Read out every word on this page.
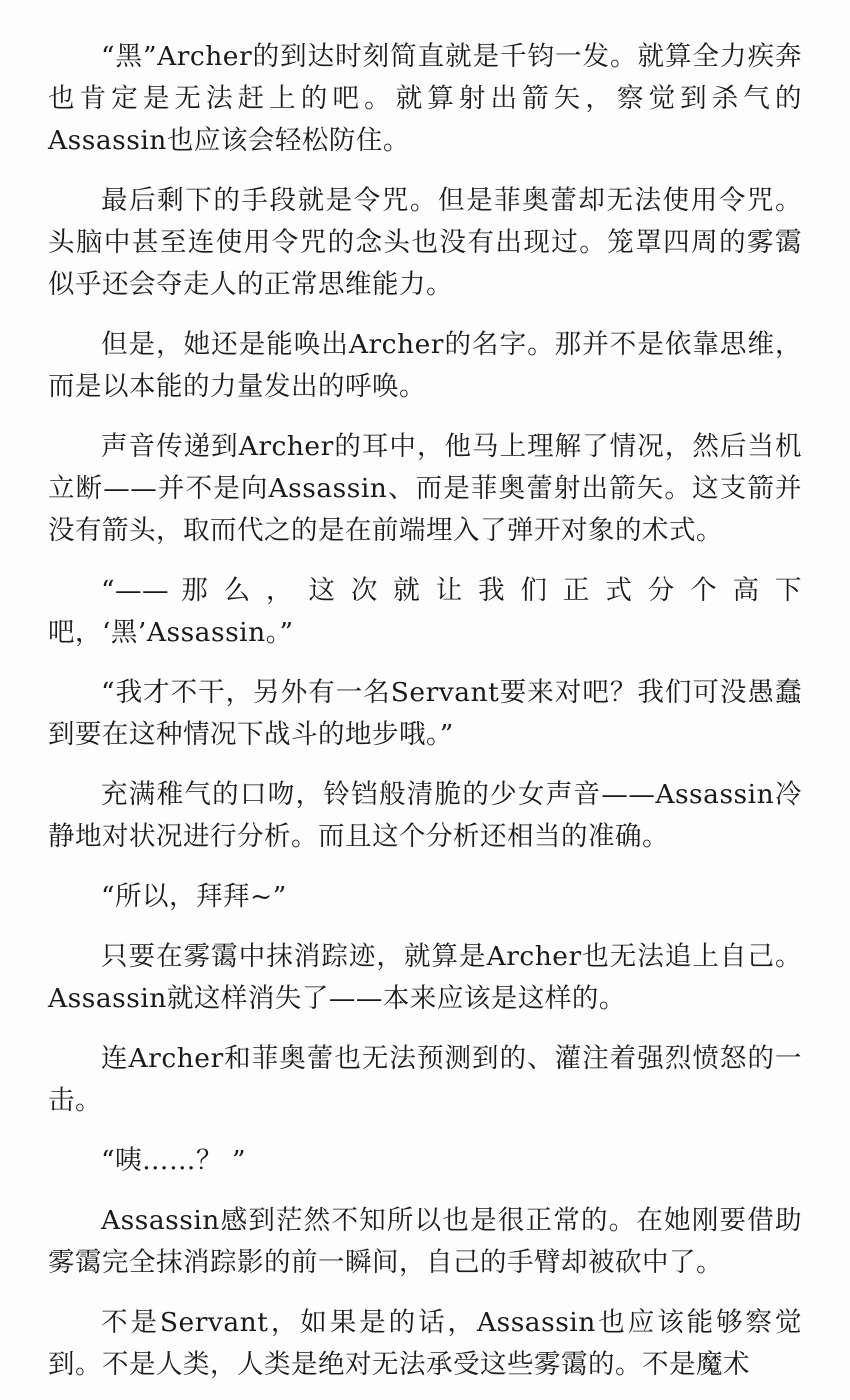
“黑”Archer的到达时刻简直就是千钧一发。就算全力疾奔也肯定是无法赶上的吧。就算射出箭矢，察觉到杀气的Assassin也应该会轻松防住。

最后剩下的手段就是令咒。但是菲奥蕾却无法使用令咒。头脑中甚至连使用令咒的念头也没有出现过。笼罩四周的雾霭似乎还会夺走人的正常思维能力。

但是，她还是能唤出Archer的名字。那并不是依靠思维，而是以本能的力量发出的呼唤。

声音传递到Archer的耳中，他马上理解了情况，然后当机立断——并不是向Assassin、而是菲奥蕾射出箭矢。这支箭并没有箭头，取而代之的是在前端埋入了弹开对象的术式。

“—— 那 么 ， 这 次 就 让 我 们 正 式 分 个 高 下吧，‘黑’Assassin。”

“我才不干，另外有一名Servant要来对吧？我们可没愚蠢到要在这种情况下战斗的地步哦。”

充满稚气的口吻，铃铛般清脆的少女声音——Assassin冷静地对状况进行分析。而且这个分析还相当的准确。

“所以，拜拜~”

只要在雾霭中抹消踪迹，就算是Archer也无法追上自己。Assassin就这样消失了——本来应该是这样的。

连Archer和菲奥蕾也无法预测到的、灌注着强烈愤怒的一击。

“咦……？ ”

Assassin感到茫然不知所以也是很正常的。在她刚要借助雾霭完全抹消踪影的前一瞬间，自己的手臂却被砍中了。

不是Servant，如果是的话，Assassin也应该能够察觉到。不是人类，人类是绝对无法承受这些雾霭的。不是魔术
